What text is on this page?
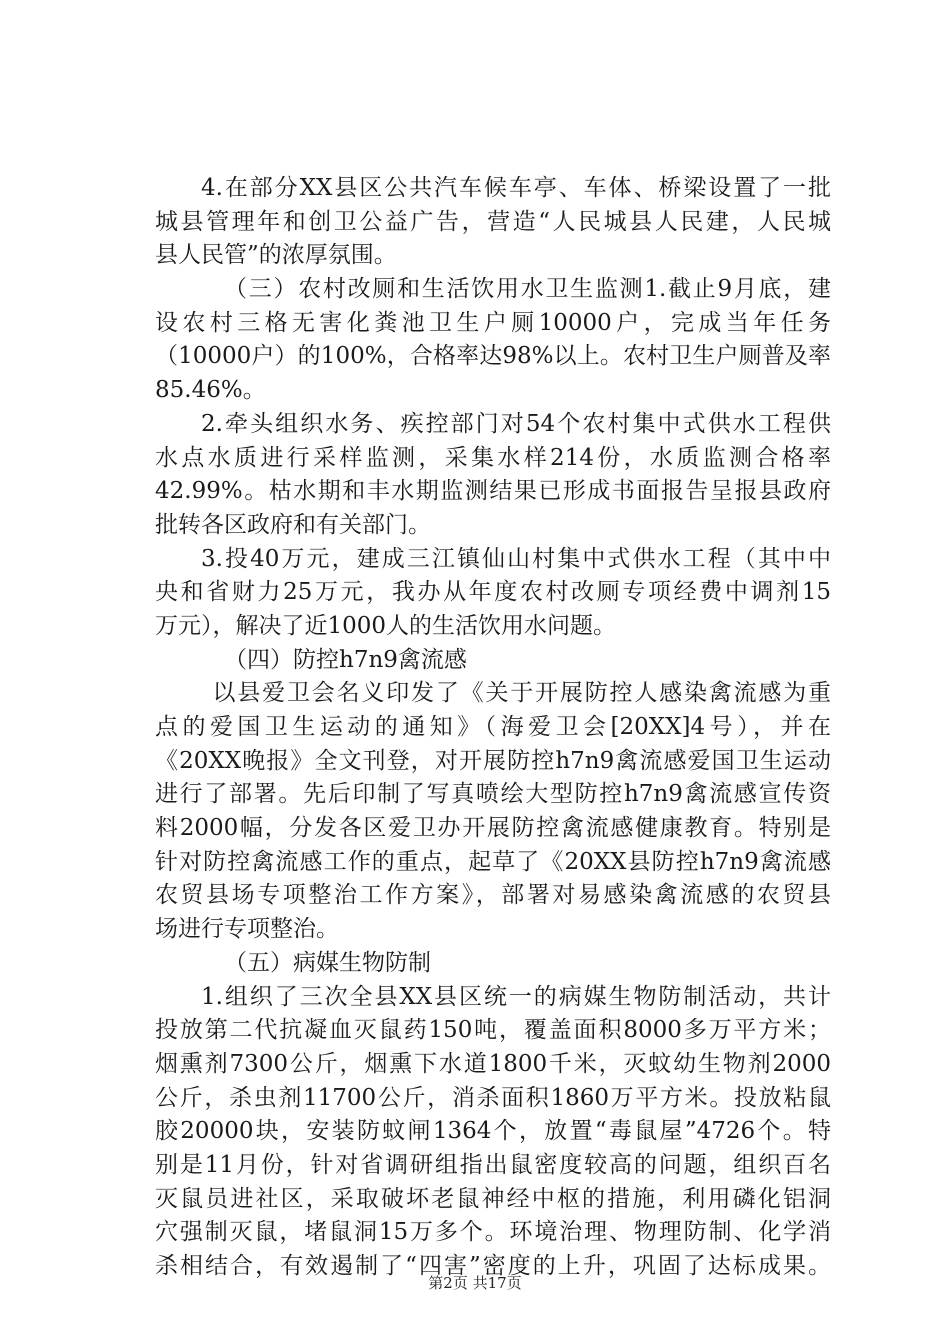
4.在部分XX县区公共汽车候车亭、车体、桥梁设置了一批
城县管理年和创卫公益广告，营造“人民城县人民建，人民城
县人民管”的浓厚氛围。
（三）农村改厕和生活饮用水卫生监测1.截止9月底，建
设农村三格无害化粪池卫生户厕10000户，完成当年任务
（10000户）的100%，合格率达98%以上。农村卫生户厕普及率
85.46%。
2.牵头组织水务、疾控部门对54个农村集中式供水工程供
水点水质进行采样监测，采集水样214份，水质监测合格率
42.99%。枯水期和丰水期监测结果已形成书面报告呈报县政府
批转各区政府和有关部门。
3.投40万元，建成三江镇仙山村集中式供水工程（其中中
央和省财力25万元，我办从年度农村改厕专项经费中调剂15
万元），解决了近1000人的生活饮用水问题。
（四）防控h7n9禽流感
以县爱卫会名义印发了《关于开展防控人感染禽流感为重
点的爱国卫生运动的通知》（海爱卫会[20XX]4号），并在
《20XX晚报》全文刊登，对开展防控h7n9禽流感爱国卫生运动
进行了部署。先后印制了写真喷绘大型防控h7n9禽流感宣传资
料2000幅，分发各区爱卫办开展防控禽流感健康教育。特别是
针对防控禽流感工作的重点，起草了《20XX县防控h7n9禽流感
农贸县场专项整治工作方案》，部署对易感染禽流感的农贸县
场进行专项整治。
（五）病媒生物防制
1.组织了三次全县XX县区统一的病媒生物防制活动，共计
投放第二代抗凝血灭鼠药150吨，覆盖面积8000多万平方米；
烟熏剂7300公斤，烟熏下水道1800千米，灭蚊幼生物剂2000
公斤，杀虫剂11700公斤，消杀面积1860万平方米。投放粘鼠
胶20000块，安装防蚊闸1364个，放置“毒鼠屋”4726个。特
别是11月份，针对省调研组指出鼠密度较高的问题，组织百名
灭鼠员进社区，采取破坏老鼠神经中枢的措施，利用磷化铝洞
穴强制灭鼠，堵鼠洞15万多个。环境治理、物理防制、化学消
杀相结合，有效遏制了“四害”密度的上升，巩固了达标成果。
第2页 共17页
